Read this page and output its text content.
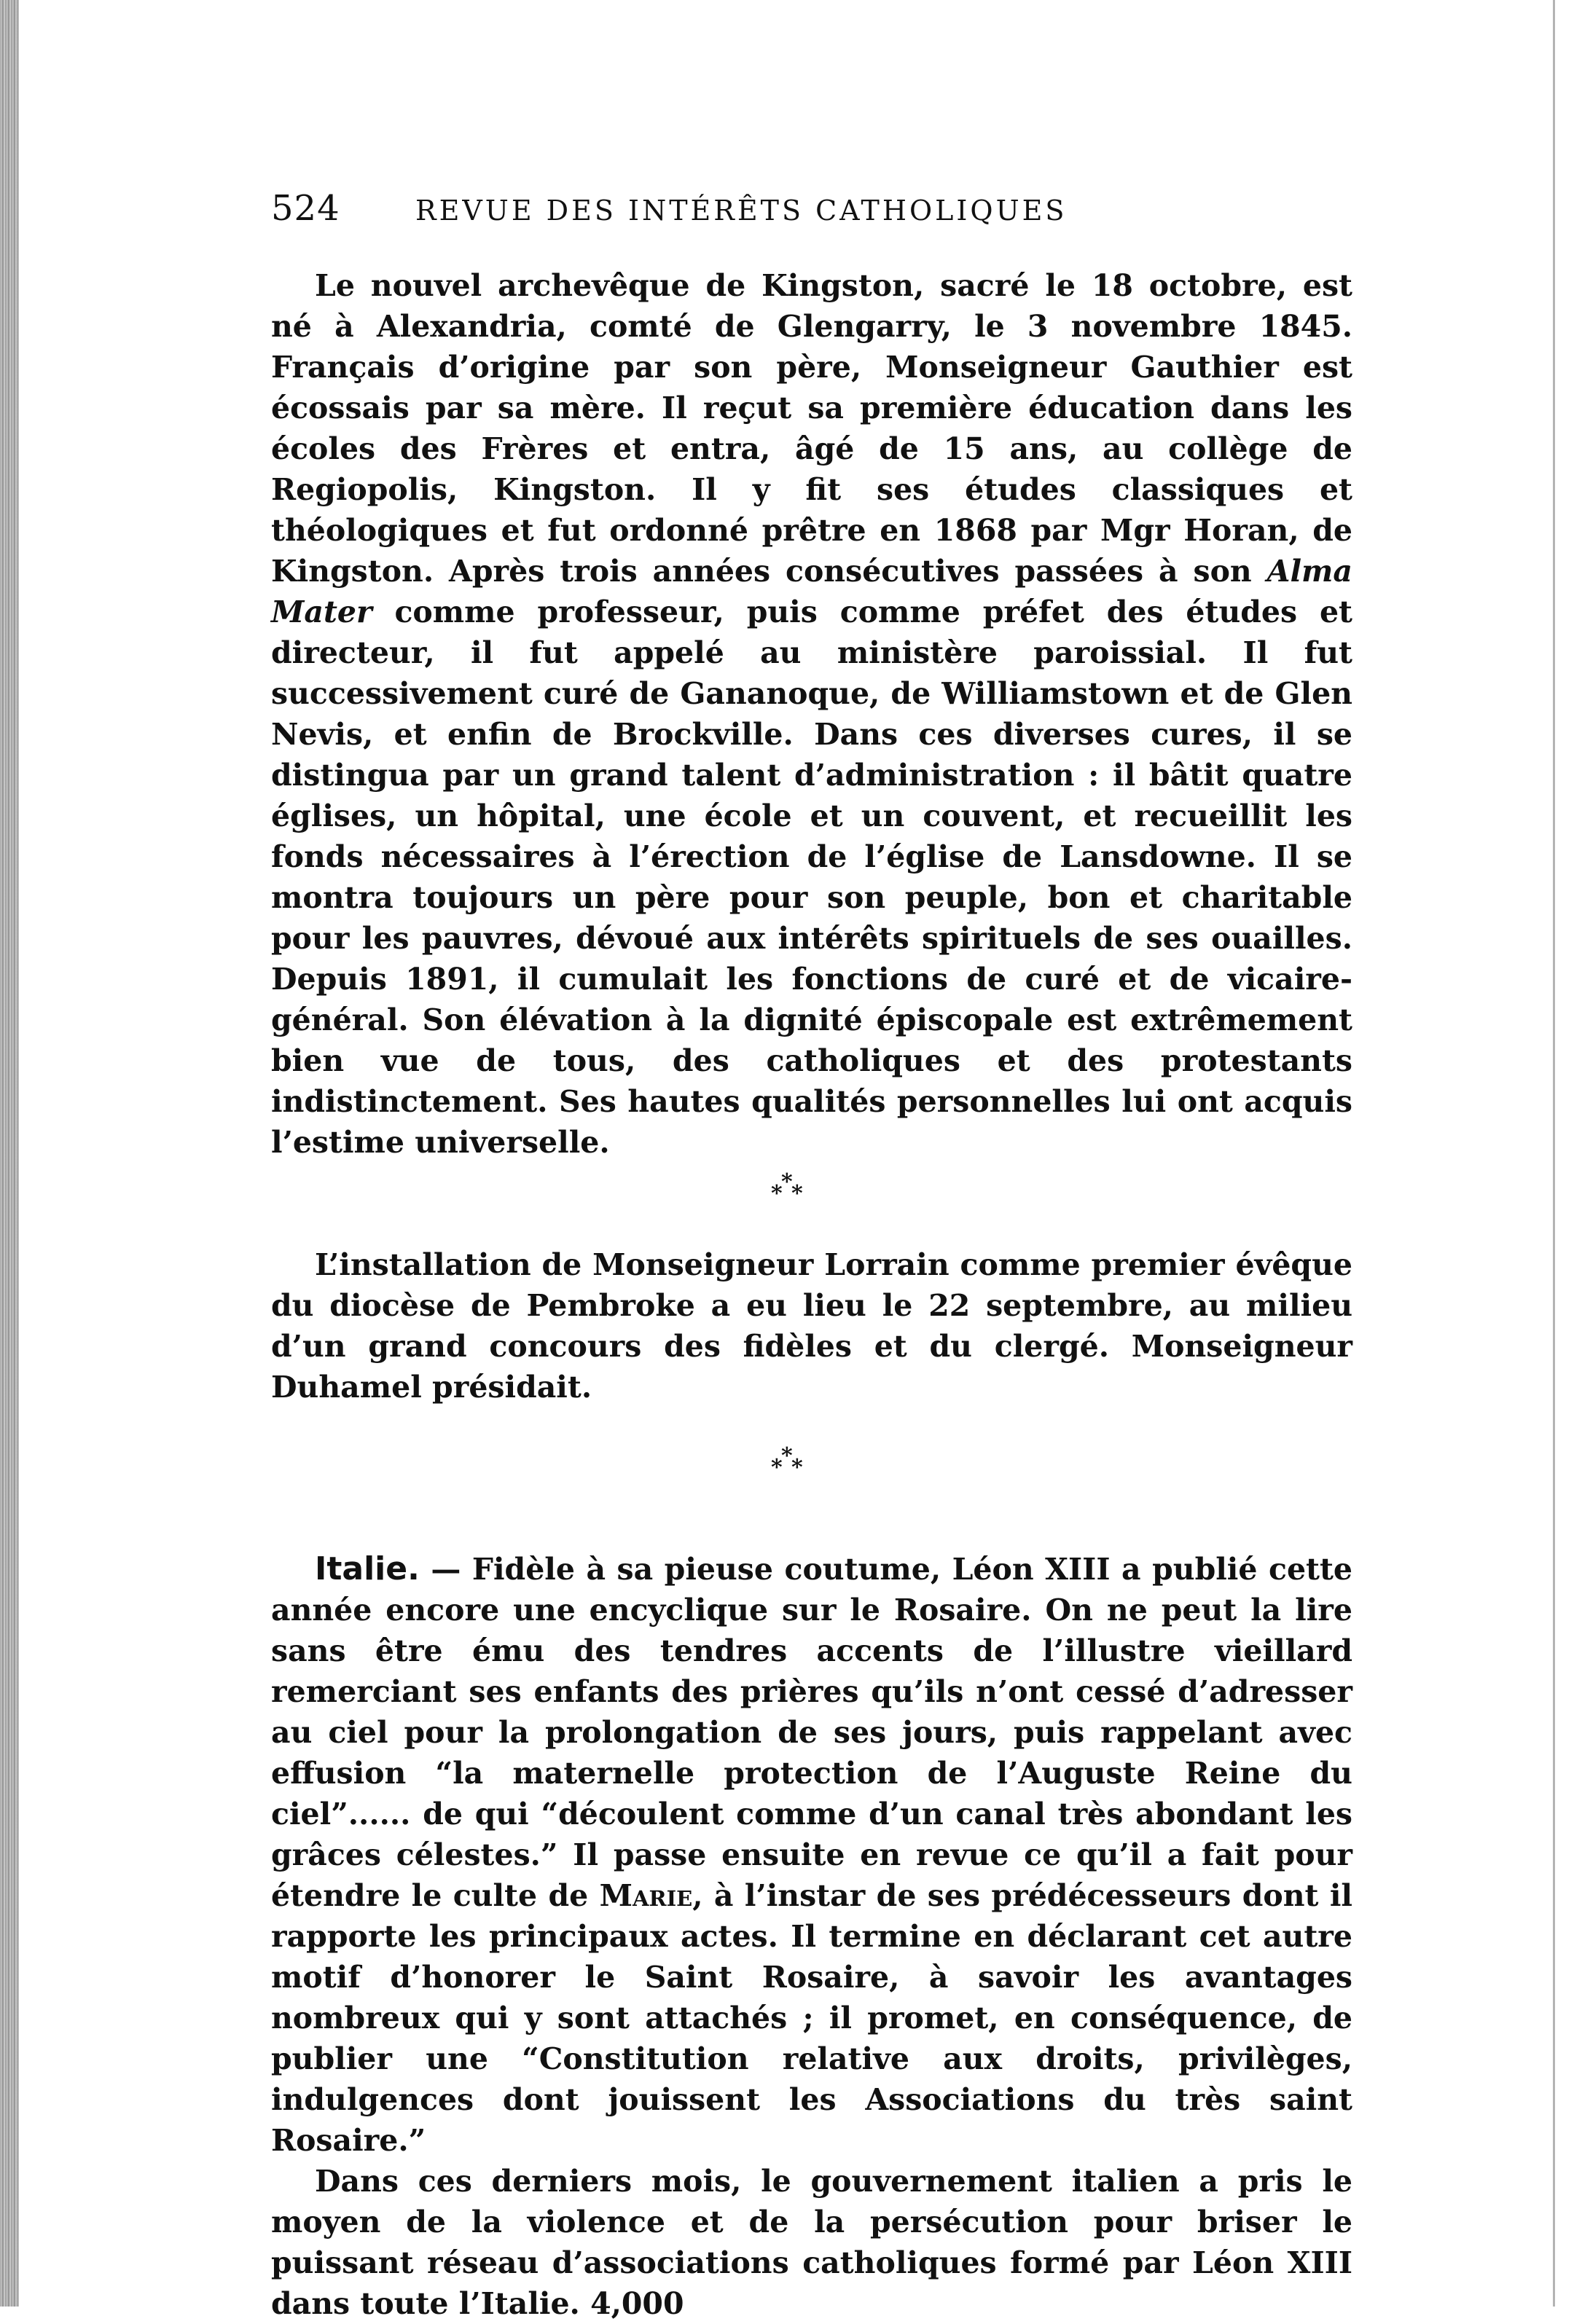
524	REVUE DES INTÉRÊTS CATHOLIQUES

Le nouvel archevêque de Kingston, sacré le 18 octobre, est né à Alexandria, comté de Glengarry, le 3 novembre 1845. Français d’origine par son père, Monseigneur Gauthier est écossais par sa mère. Il reçut sa première éducation dans les écoles des Frères et entra, âgé de 15 ans, au collège de Regiopolis, Kingston. Il y fit ses études classiques et théologiques et fut ordonné prêtre en 1868 par Mgr Horan, de Kingston. Après trois années consécutives passées à son Alma Mater comme professeur, puis comme préfet des études et directeur, il fut appelé au ministère paroissial. Il fut successivement curé de Gananoque, de Williamstown et de Glen Nevis, et enfin de Brockville. Dans ces diverses cures, il se distingua par un grand talent d’administration : il bâtit quatre églises, un hôpital, une école et un couvent, et recueillit les fonds nécessaires à l’érection de l’église de Lansdowne. Il se montra toujours un père pour son peuple, bon et charitable pour les pauvres, dévoué aux intérêts spirituels de ses ouailles. Depuis 1891, il cumulait les fonctions de curé et de vicaire-général. Son élévation à la dignité épiscopale est extrêmement bien vue de tous, des catholiques et des protestants indistinctement. Ses hautes qualités personnelles lui ont acquis l’estime universelle.

*
* *

L’installation de Monseigneur Lorrain comme premier évêque du diocèse de Pembroke a eu lieu le 22 septembre, au milieu d’un grand concours des fidèles et du clergé. Monseigneur Duhamel présidait.

*
* *

Italie. — Fidèle à sa pieuse coutume, Léon XIII a publié cette année encore une encyclique sur le Rosaire. On ne peut la lire sans être ému des tendres accents de l’illustre vieillard remerciant ses enfants des prières qu’ils n’ont cessé d’adresser au ciel pour la prolongation de ses jours, puis rappelant avec effusion “la maternelle protection de l’Auguste Reine du ciel”...... de qui “découlent comme d’un canal très abondant les grâces célestes.” Il passe ensuite en revue ce qu’il a fait pour étendre le culte de Marie, à l’instar de ses prédécesseurs dont il rapporte les principaux actes. Il termine en déclarant cet autre motif d’honorer le Saint Rosaire, à savoir les avantages nombreux qui y sont attachés ; il promet, en conséquence, de publier une “Constitution relative aux droits, privilèges, indulgences dont jouissent les Associations du très saint Rosaire.”

Dans ces derniers mois, le gouvernement italien a pris le moyen de la violence et de la persécution pour briser le puissant réseau d’associations catholiques formé par Léon XIII dans toute l’Italie. 4,000
